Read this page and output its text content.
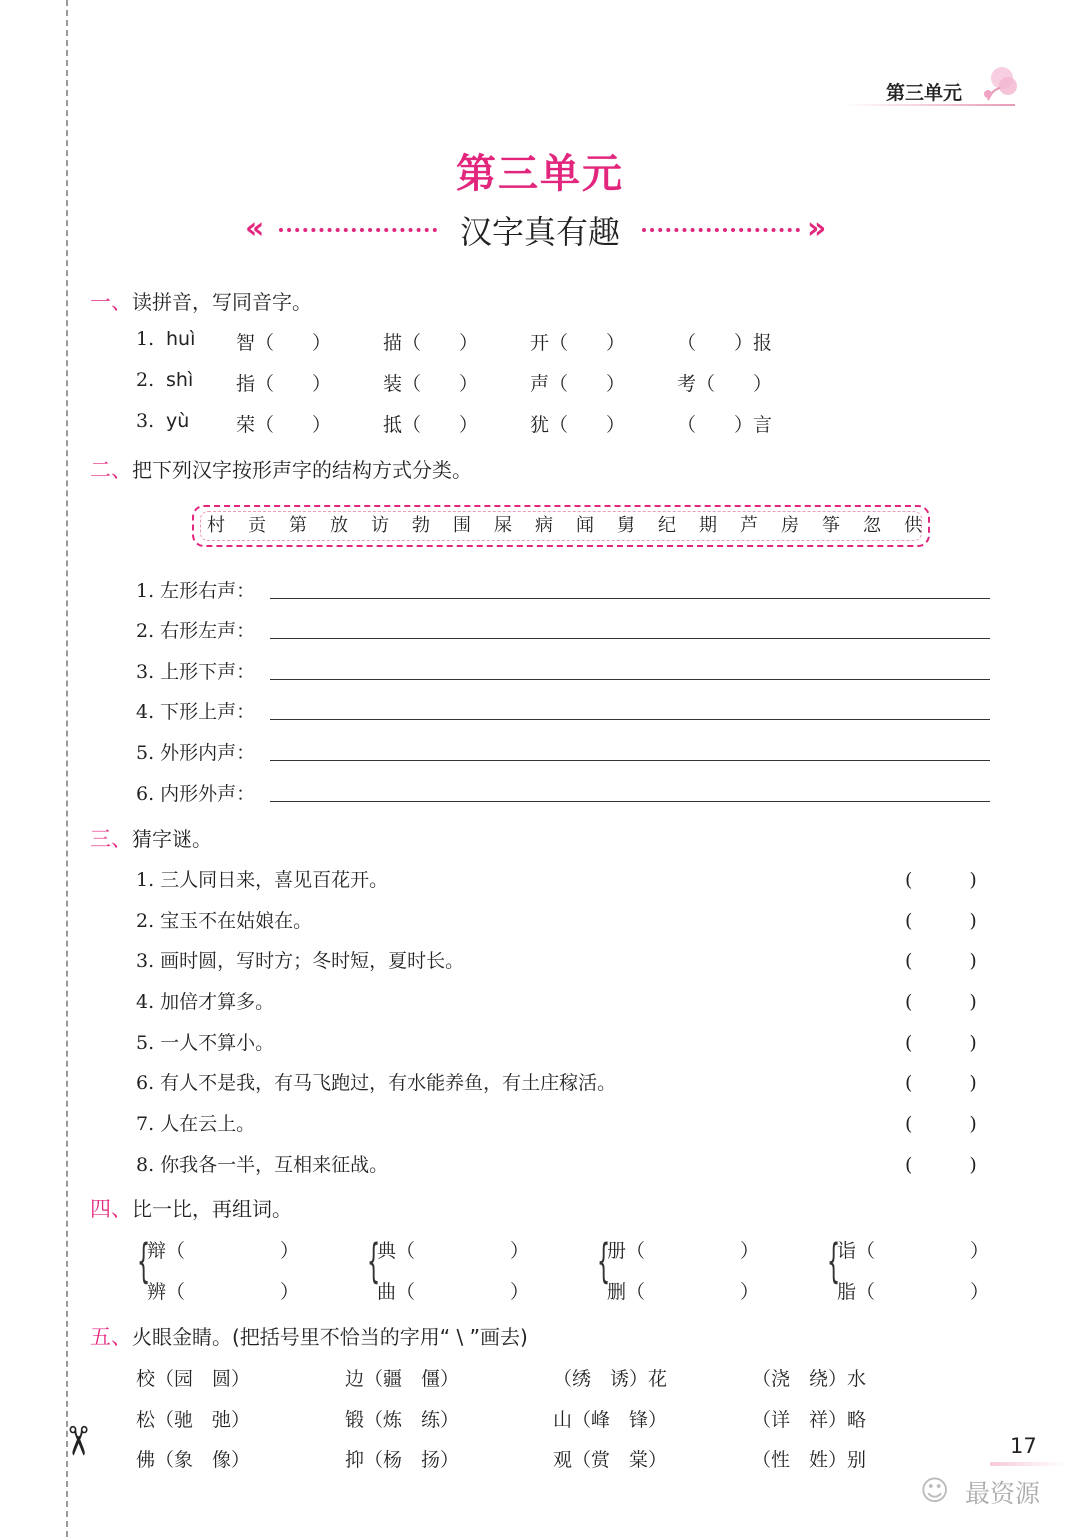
✂
第三单元
第三单元
«	汉字真有趣	»
一、读拼音，写同音字。
1. huì 智（　　）	描（　　）	开（　　）	（　　）报
2. shì 指（　　）	装（　　）	声（　　）	考（　　）
3. yù 荣（　　）	抵（　　）	犹（　　）	（　　）言
二、把下列汉字按形声字的结构方式分类。
村 贡 第 放 访 勃 围 屎 病 闻 舅 纪 期 芦 房 筝 忽 供
1. 左形右声：
2. 右形左声：
3. 上形下声：
4. 下形上声：
5. 外形内声：
6. 内形外声：
三、猜字谜。
1. 三人同日来，喜见百花开。	(　　　)
2. 宝玉不在姑娘在。	(　　　)
3. 画时圆，写时方；冬时短，夏时长。	(　　　)
4. 加倍才算多。	(　　　)
5. 一人不算小。	(　　　)
6. 有人不是我，有马飞跑过，有水能养鱼，有土庄稼活。	(　　　)
7. 人在云上。	(　　　)
8. 你我各一半，互相来征战。	(　　　)
四、比一比，再组词。
{
辩（　　　　　）
辨（　　　　　）
{
典（　　　　　）
曲（　　　　　）
{
册（　　　　　）
删（　　　　　）
{
诣（　　　　　）
脂（　　　　　）
五、火眼金睛。(把括号里不恰当的字用“ \ ”画去)
校（园　圆）	边（疆　僵）	（绣　诱）花	（浇　绕）水
松（驰　弛）	锻（炼　练）	山（峰　锋）	（详　祥）略
佛（象　像）	抑（杨　扬）	观（赏　棠）	（性　姓）别
17
☺ 最资源
